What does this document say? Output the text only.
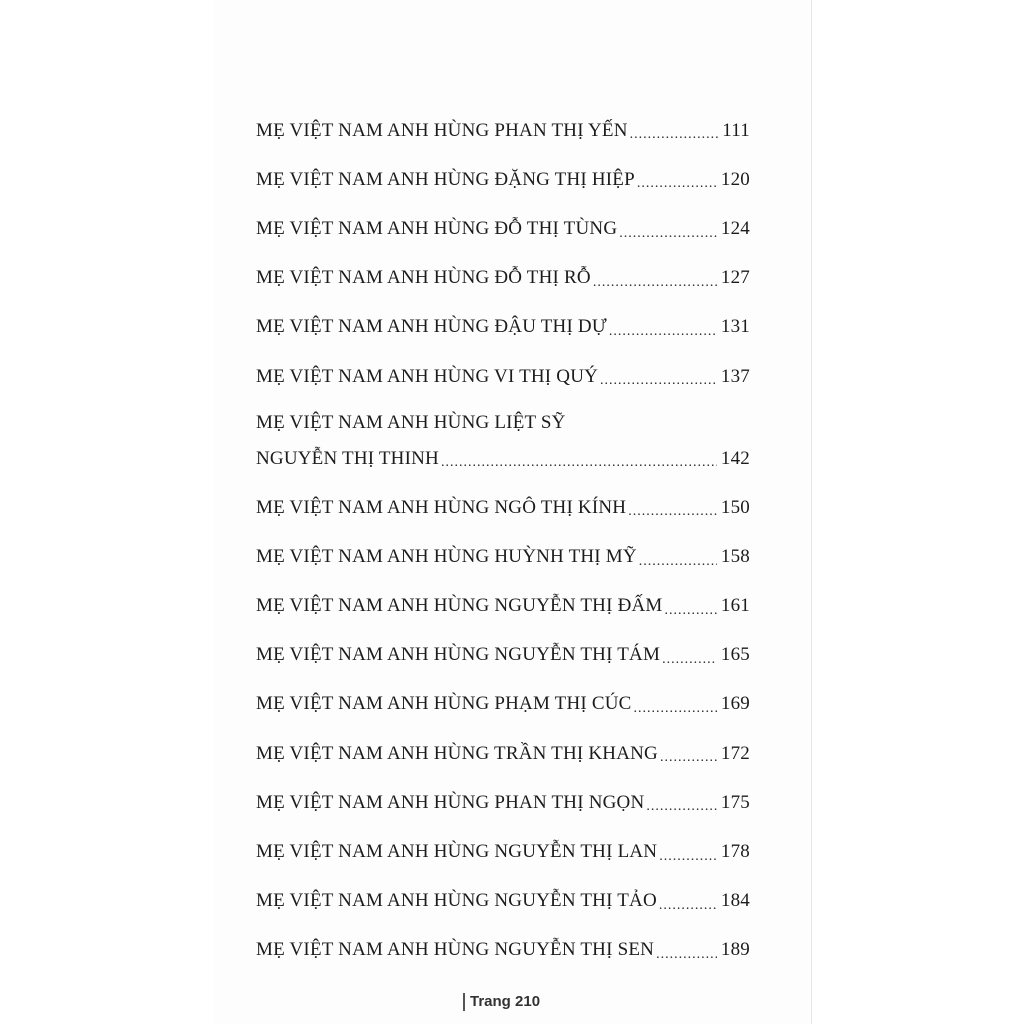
MẸ VIỆT NAM ANH HÙNG PHAN THỊ YẾN .....	111
MẸ VIỆT NAM ANH HÙNG ĐẶNG THỊ HIỆP .....	120
MẸ VIỆT NAM ANH HÙNG ĐỖ THỊ TÙNG .....	124
MẸ VIỆT NAM ANH HÙNG ĐỖ THỊ RỖ .....	127
MẸ VIỆT NAM ANH HÙNG ĐẬU THỊ DỰ .....	131
MẸ VIỆT NAM ANH HÙNG VI THỊ QUÝ .....	137
MẸ VIỆT NAM ANH HÙNG LIỆT SỸ
NGUYỄN THỊ THINH .....	142
MẸ VIỆT NAM ANH HÙNG NGÔ THỊ KÍNH .....	150
MẸ VIỆT NAM ANH HÙNG HUỲNH THỊ MỸ .....	158
MẸ VIỆT NAM ANH HÙNG NGUYỄN THỊ ĐẤM .....	161
MẸ VIỆT NAM ANH HÙNG NGUYỄN THỊ TÁM .....	165
MẸ VIỆT NAM ANH HÙNG PHẠM THỊ CÚC .....	169
MẸ VIỆT NAM ANH HÙNG TRẦN THỊ KHANG .....	172
MẸ VIỆT NAM ANH HÙNG PHAN THỊ NGỌN .....	175
MẸ VIỆT NAM ANH HÙNG NGUYỄN THỊ LAN .....	178
MẸ VIỆT NAM ANH HÙNG NGUYỄN THỊ TẢO .....	184
MẸ VIỆT NAM ANH HÙNG NGUYỄN THỊ SEN .....	189
Trang 210
